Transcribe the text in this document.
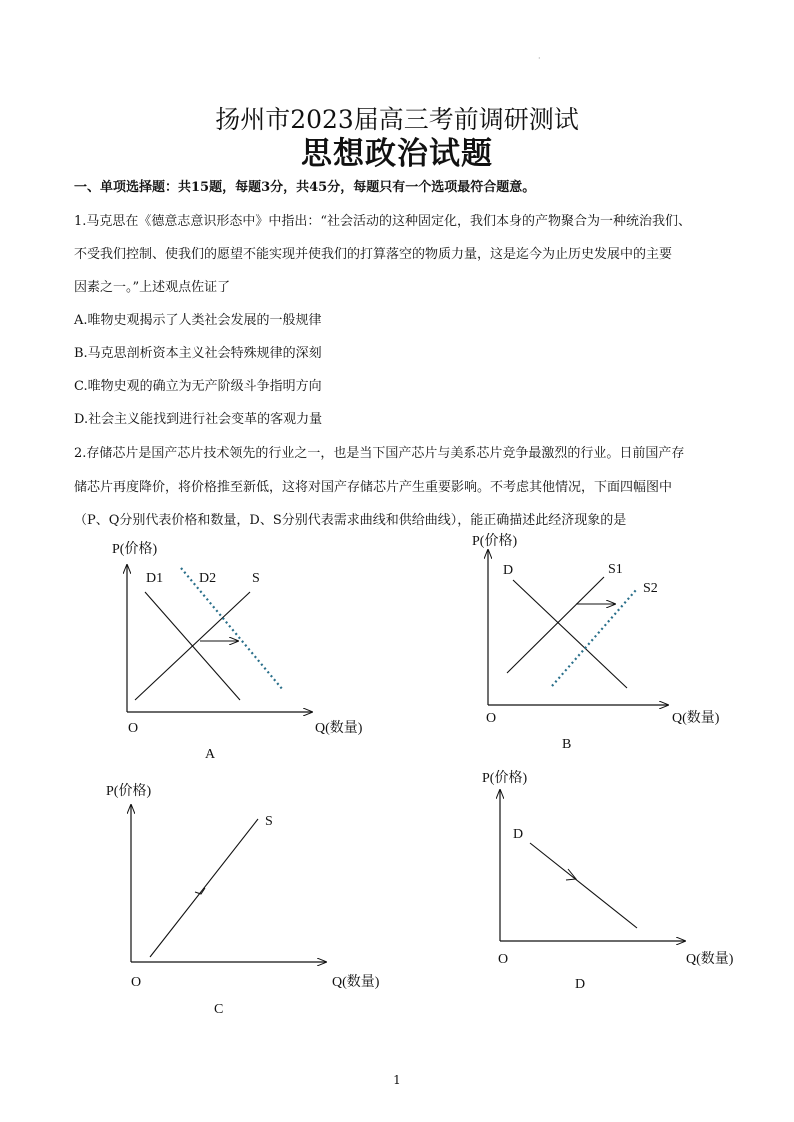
·
扬州市2023届高三考前调研测试
思想政治试题
一、单项选择题：共15题，每题3分，共45分，每题只有一个选项最符合题意。
1.马克思在《德意志意识形态中》中指出：“社会活动的这种固定化，我们本身的产物聚合为一种统治我们、
不受我们控制、使我们的愿望不能实现并使我们的打算落空的物质力量，这是迄今为止历史发展中的主要
因素之一。”上述观点佐证了
A.唯物史观揭示了人类社会发展的一般规律
B.马克思剖析资本主义社会特殊规律的深刻
C.唯物史观的确立为无产阶级斗争指明方向
D.社会主义能找到进行社会变革的客观力量
2.存储芯片是国产芯片技术领先的行业之一，也是当下国产芯片与美系芯片竞争最激烈的行业。日前国产存
储芯片再度降价，将价格推至新低，这将对国产存储芯片产生重要影响。不考虑其他情况，下面四幅图中
（P、Q分别代表价格和数量，D、S分别代表需求曲线和供给曲线），能正确描述此经济现象的是
P(价格)
Q(数量)
O
D1	D2	S
A
P(价格)
Q(数量)
O
D	S1
S2
B
P(价格)
Q(数量)
O
S
C
P(价格)
Q(数量)
O
D
D
1
